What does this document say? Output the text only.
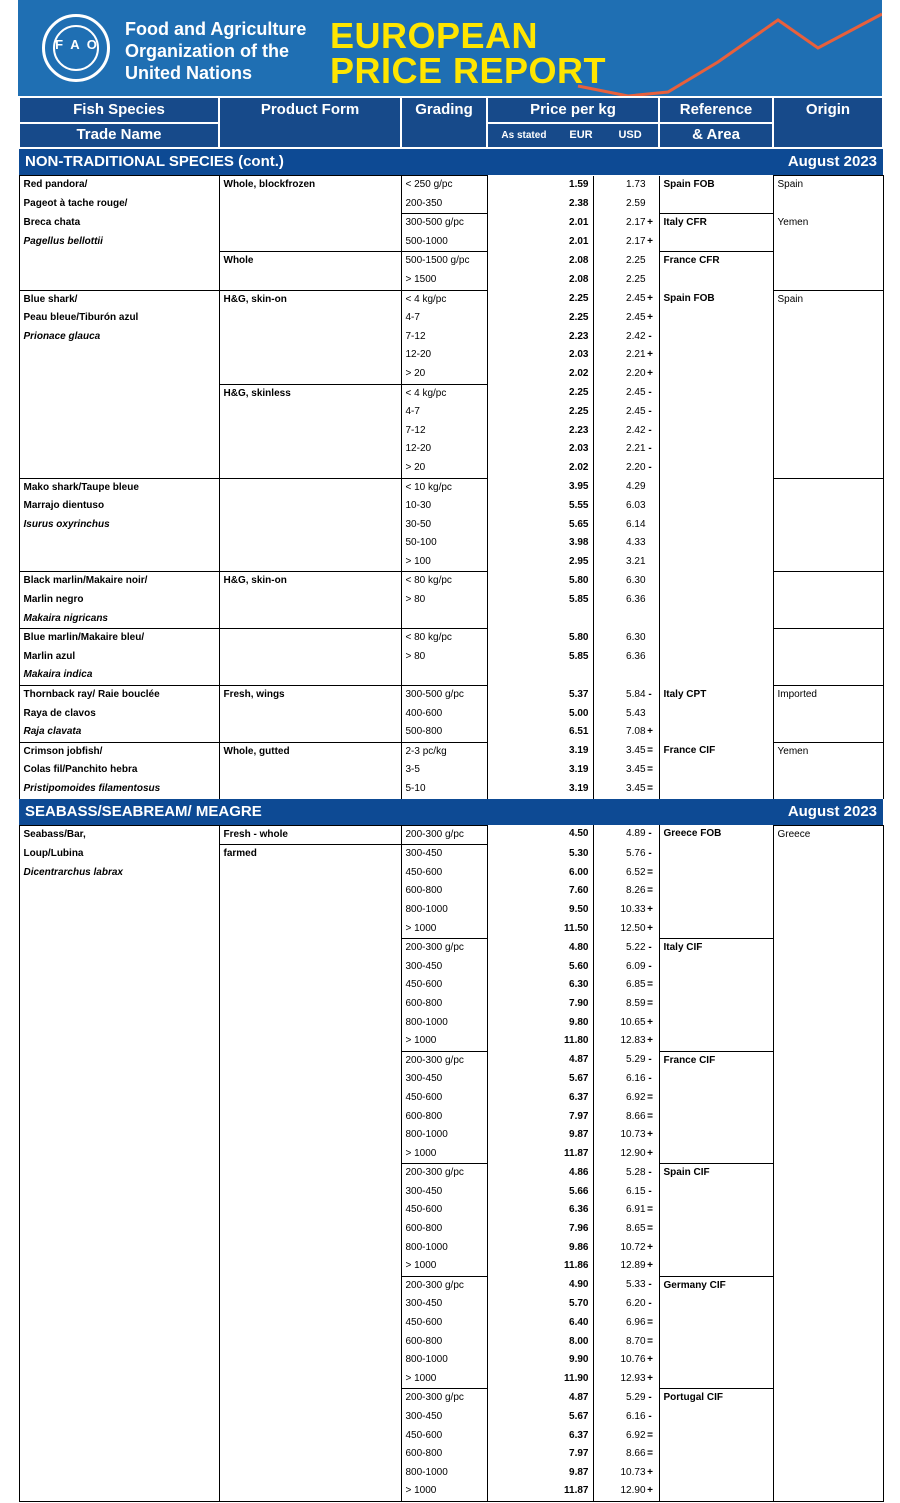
F A O
Food and Agriculture
Organization of the
United Nations
EUROPEAN
PRICE REPORT
Fish Species	Product Form	Grading	Price per kg		Reference	Origin
Trade Name			As stated EUR USD		& Area	
NON-TRADITIONAL SPECIES (cont.)					August 2023	
Red pandora/	Whole, blockfrozen	< 250 g/pc	1.59	1.73	Spain FOB	Spain
Pageot à tache rouge/		200-350	2.38	2.59		
Breca chata		300-500 g/pc	2.01	2.17 +	Italy CFR	Yemen
Pagellus bellottii		500-1000	2.01	2.17 +		
	Whole	500-1500 g/pc	2.08	2.25	France CFR	
		> 1500	2.08	2.25		
Blue shark/	H&G, skin-on	< 4 kg/pc	2.25	2.45 +	Spain FOB	Spain
Peau bleue/Tiburón azul		4-7	2.25	2.45 +		
Prionace glauca		7-12	2.23	2.42 -		
		12-20	2.03	2.21 +		
		> 20	2.02	2.20 +		
	H&G, skinless	< 4 kg/pc	2.25	2.45 -		
		4-7	2.25	2.45 -		
		7-12	2.23	2.42 -		
		12-20	2.03	2.21 -		
		> 20	2.02	2.20 -		
Mako shark/Taupe bleue		< 10 kg/pc	3.95	4.29		
Marrajo dientuso		10-30	5.55	6.03		
Isurus oxyrinchus		30-50	5.65	6.14		
		50-100	3.98	4.33		
		> 100	2.95	3.21		
Black marlin/Makaire noir/	H&G, skin-on	< 80 kg/pc	5.80	6.30		
Marlin negro		> 80	5.85	6.36		
Makaira nigricans						
Blue marlin/Makaire bleu/		< 80 kg/pc	5.80	6.30		
Marlin azul		> 80	5.85	6.36		
Makaira indica						
Thornback ray/ Raie bouclée	Fresh, wings	300-500 g/pc	5.37	5.84 -	Italy CPT	Imported
Raya de clavos		400-600	5.00	5.43		
Raja clavata		500-800	6.51	7.08 +		
Crimson jobfish/	Whole, gutted	2-3 pc/kg	3.19	3.45 =	France CIF	Yemen
Colas fil/Panchito hebra		3-5	3.19	3.45 =		
Pristipomoides filamentosus		5-10	3.19	3.45 =		
SEABASS/SEABREAM/ MEAGRE					August 2023	
Seabass/Bar,	Fresh - whole	200-300 g/pc	4.50	4.89 -	Greece FOB	Greece
Loup/Lubina	farmed	300-450	5.30	5.76 -		
Dicentrarchus labrax		450-600	6.00	6.52 =		
		600-800	7.60	8.26 =		
		800-1000	9.50	10.33 +		
		> 1000	11.50	12.50 +		
		200-300 g/pc	4.80	5.22 -	Italy CIF	
		300-450	5.60	6.09 -		
		450-600	6.30	6.85 =		
		600-800	7.90	8.59 =		
		800-1000	9.80	10.65 +		
		> 1000	11.80	12.83 +		
		200-300 g/pc	4.87	5.29 -	France CIF	
		300-450	5.67	6.16 -		
		450-600	6.37	6.92 =		
		600-800	7.97	8.66 =		
		800-1000	9.87	10.73 +		
		> 1000	11.87	12.90 +		
		200-300 g/pc	4.86	5.28 -	Spain CIF	
		300-450	5.66	6.15 -		
		450-600	6.36	6.91 =		
		600-800	7.96	8.65 =		
		800-1000	9.86	10.72 +		
		> 1000	11.86	12.89 +		
		200-300 g/pc	4.90	5.33 -	Germany CIF	
		300-450	5.70	6.20 -		
		450-600	6.40	6.96 =		
		600-800	8.00	8.70 =		
		800-1000	9.90	10.76 +		
		> 1000	11.90	12.93 +		
		200-300 g/pc	4.87	5.29 -	Portugal CIF	
		300-450	5.67	6.16 -		
		450-600	6.37	6.92 =		
		600-800	7.97	8.66 =		
		800-1000	9.87	10.73 +		
		> 1000	11.87	12.90 +		
